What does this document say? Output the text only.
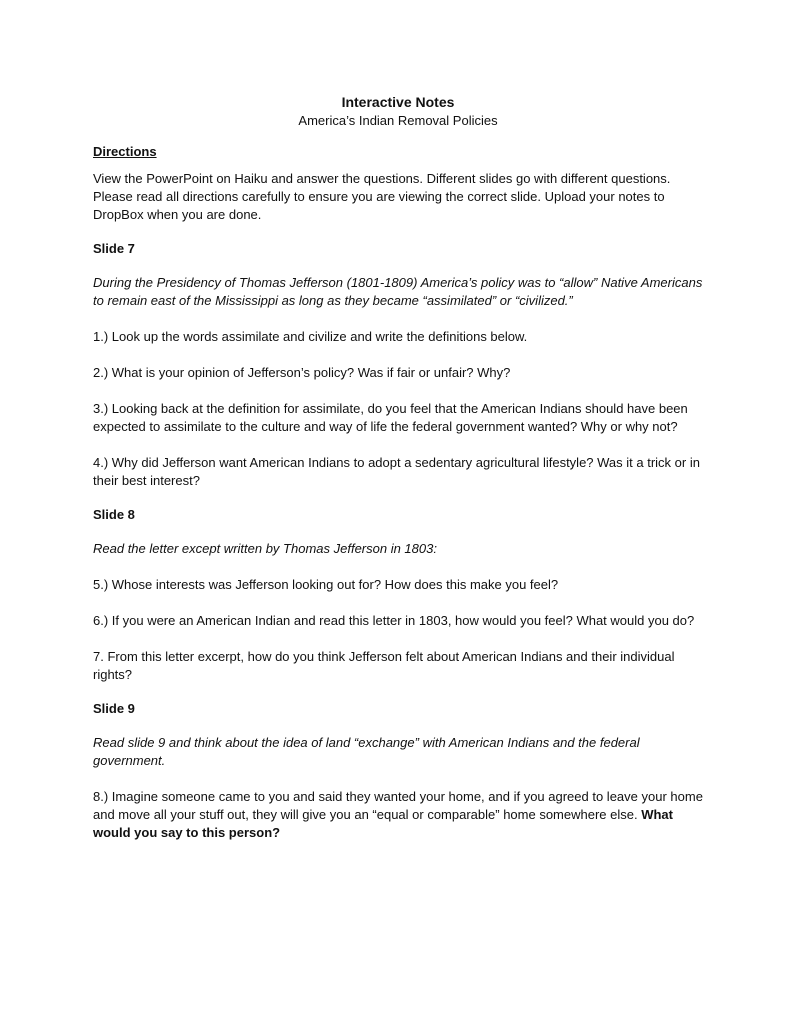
Interactive Notes

America’s Indian Removal Policies

Directions

View the PowerPoint on Haiku and answer the questions. Different slides go with different questions. Please read all directions carefully to ensure you are viewing the correct slide. Upload your notes to DropBox when you are done.

Slide 7

During the Presidency of Thomas Jefferson (1801-1809) America’s policy was to “allow” Native Americans to remain east of the Mississippi as long as they became “assimilated” or “civilized.”

1.) Look up the words assimilate and civilize and write the definitions below.

2.) What is your opinion of Jefferson’s policy? Was if fair or unfair? Why?

3.) Looking back at the definition for assimilate, do you feel that the American Indians should have been expected to assimilate to the culture and way of life the federal government wanted? Why or why not?

4.) Why did Jefferson want American Indians to adopt a sedentary agricultural lifestyle? Was it a trick or in their best interest?

Slide 8

Read the letter except written by Thomas Jefferson in 1803:

5.) Whose interests was Jefferson looking out for? How does this make you feel?

6.) If you were an American Indian and read this letter in 1803, how would you feel? What would you do?

7. From this letter excerpt, how do you think Jefferson felt about American Indians and their individual rights?

Slide 9

Read slide 9 and think about the idea of land “exchange” with American Indians and the federal government.

8.) Imagine someone came to you and said they wanted your home, and if you agreed to leave your home and move all your stuff out, they will give you an “equal or comparable” home somewhere else. What would you say to this person?
